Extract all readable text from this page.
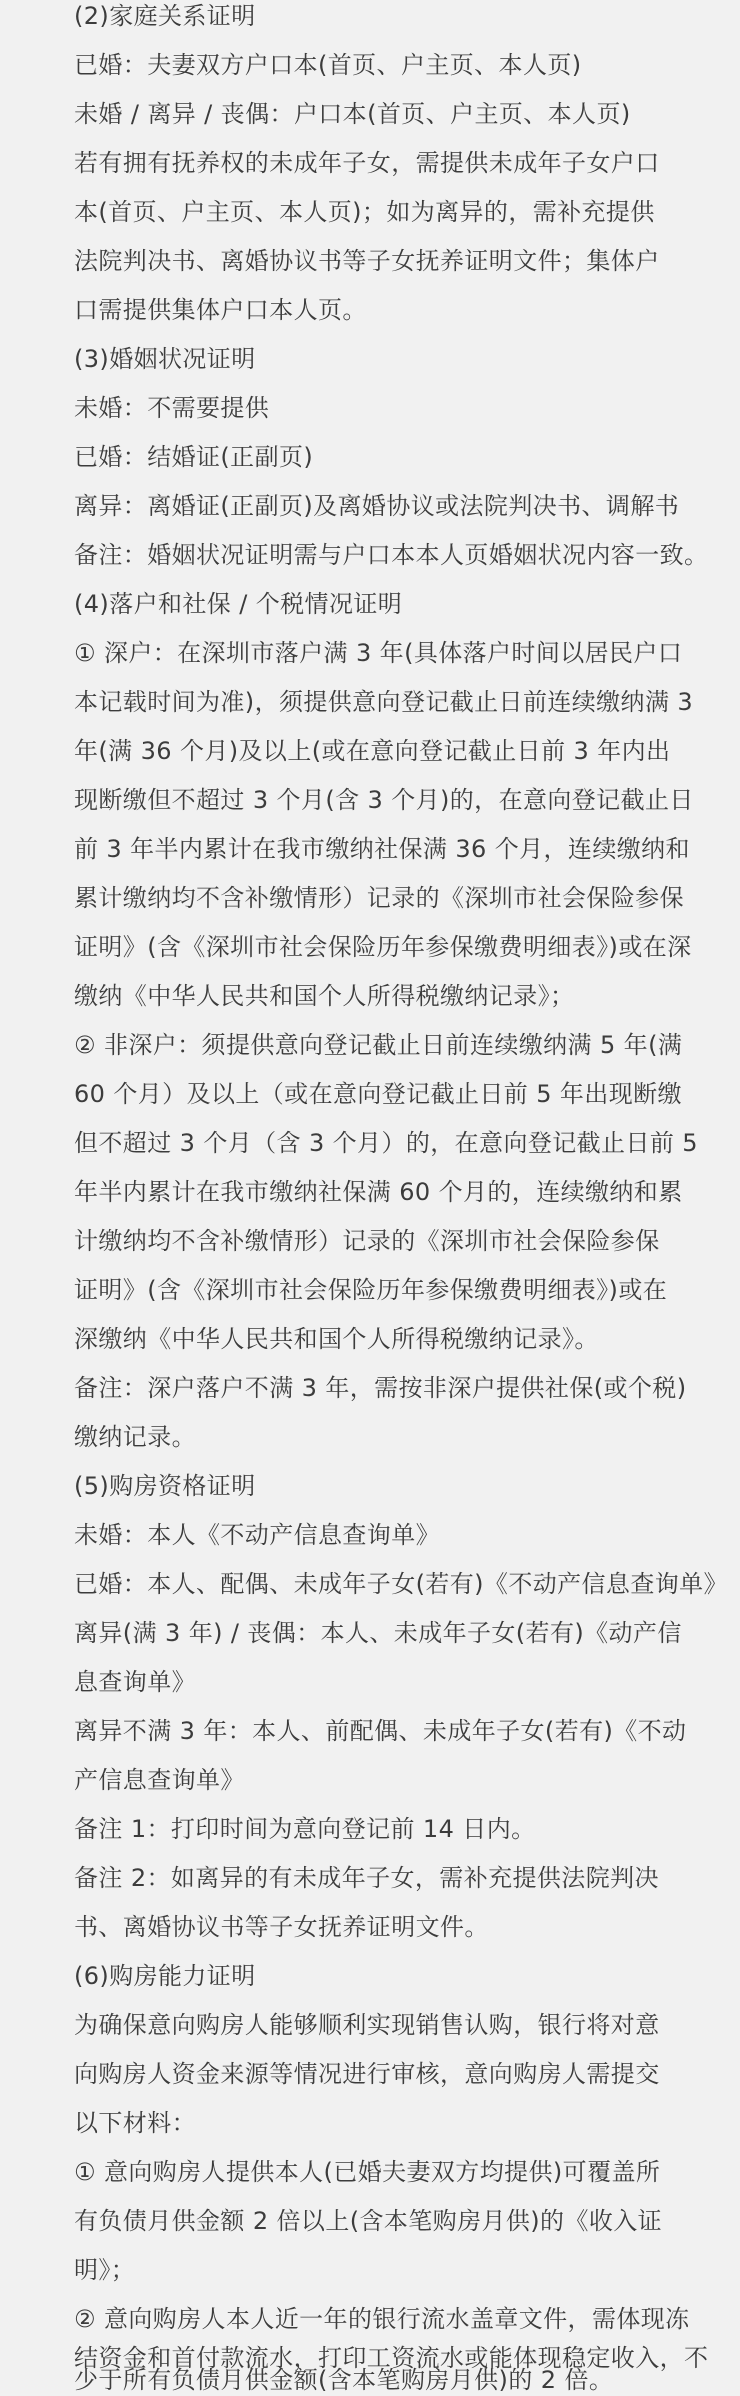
(2)家庭关系证明
已婚：夫妻双方户口本(首页、户主页、本人页)
未婚 / 离异 / 丧偶：户口本(首页、户主页、本人页)
若有拥有抚养权的未成年子女，需提供未成年子女户口
本(首页、户主页、本人页)；如为离异的，需补充提供
法院判决书、离婚协议书等子女抚养证明文件；集体户
口需提供集体户口本人页。
(3)婚姻状况证明
未婚：不需要提供
已婚：结婚证(正副页)
离异：离婚证(正副页)及离婚协议或法院判决书、调解书
备注：婚姻状况证明需与户口本本人页婚姻状况内容一致。
(4)落户和社保 / 个税情况证明
① 深户：在深圳市落户满 3 年(具体落户时间以居民户口
本记载时间为准)，须提供意向登记截止日前连续缴纳满 3
年(满 36 个月)及以上(或在意向登记截止日前 3 年内出
现断缴但不超过 3 个月(含 3 个月)的，在意向登记截止日
前 3 年半内累计在我市缴纳社保满 36 个月，连续缴纳和
累计缴纳均不含补缴情形）记录的《深圳市社会保险参保
证明》(含《深圳市社会保险历年参保缴费明细表》)或在深
缴纳《中华人民共和国个人所得税缴纳记录》；
② 非深户：须提供意向登记截止日前连续缴纳满 5 年(满
60 个月）及以上（或在意向登记截止日前 5 年出现断缴
但不超过 3 个月（含 3 个月）的，在意向登记截止日前 5
年半内累计在我市缴纳社保满 60 个月的，连续缴纳和累
计缴纳均不含补缴情形）记录的《深圳市社会保险参保
证明》(含《深圳市社会保险历年参保缴费明细表》)或在
深缴纳《中华人民共和国个人所得税缴纳记录》。
备注：深户落户不满 3 年，需按非深户提供社保(或个税)
缴纳记录。
(5)购房资格证明
未婚：本人《不动产信息查询单》
已婚：本人、配偶、未成年子女(若有)《不动产信息查询单》
离异(满 3 年) / 丧偶：本人、未成年子女(若有)《动产信
息查询单》
离异不满 3 年：本人、前配偶、未成年子女(若有)《不动
产信息查询单》
备注 1：打印时间为意向登记前 14 日内。
备注 2：如离异的有未成年子女，需补充提供法院判决
书、离婚协议书等子女抚养证明文件。
(6)购房能力证明
为确保意向购房人能够顺利实现销售认购，银行将对意
向购房人资金来源等情况进行审核，意向购房人需提交
以下材料：
① 意向购房人提供本人(已婚夫妻双方均提供)可覆盖所
有负债月供金额 2 倍以上(含本笔购房月供)的《收入证
明》；
② 意向购房人本人近一年的银行流水盖章文件，需体现冻
结资金和首付款流水，打印工资流水或能体现稳定收入，不
少于所有负债月供金额(含本笔购房月供)的 2 倍。
